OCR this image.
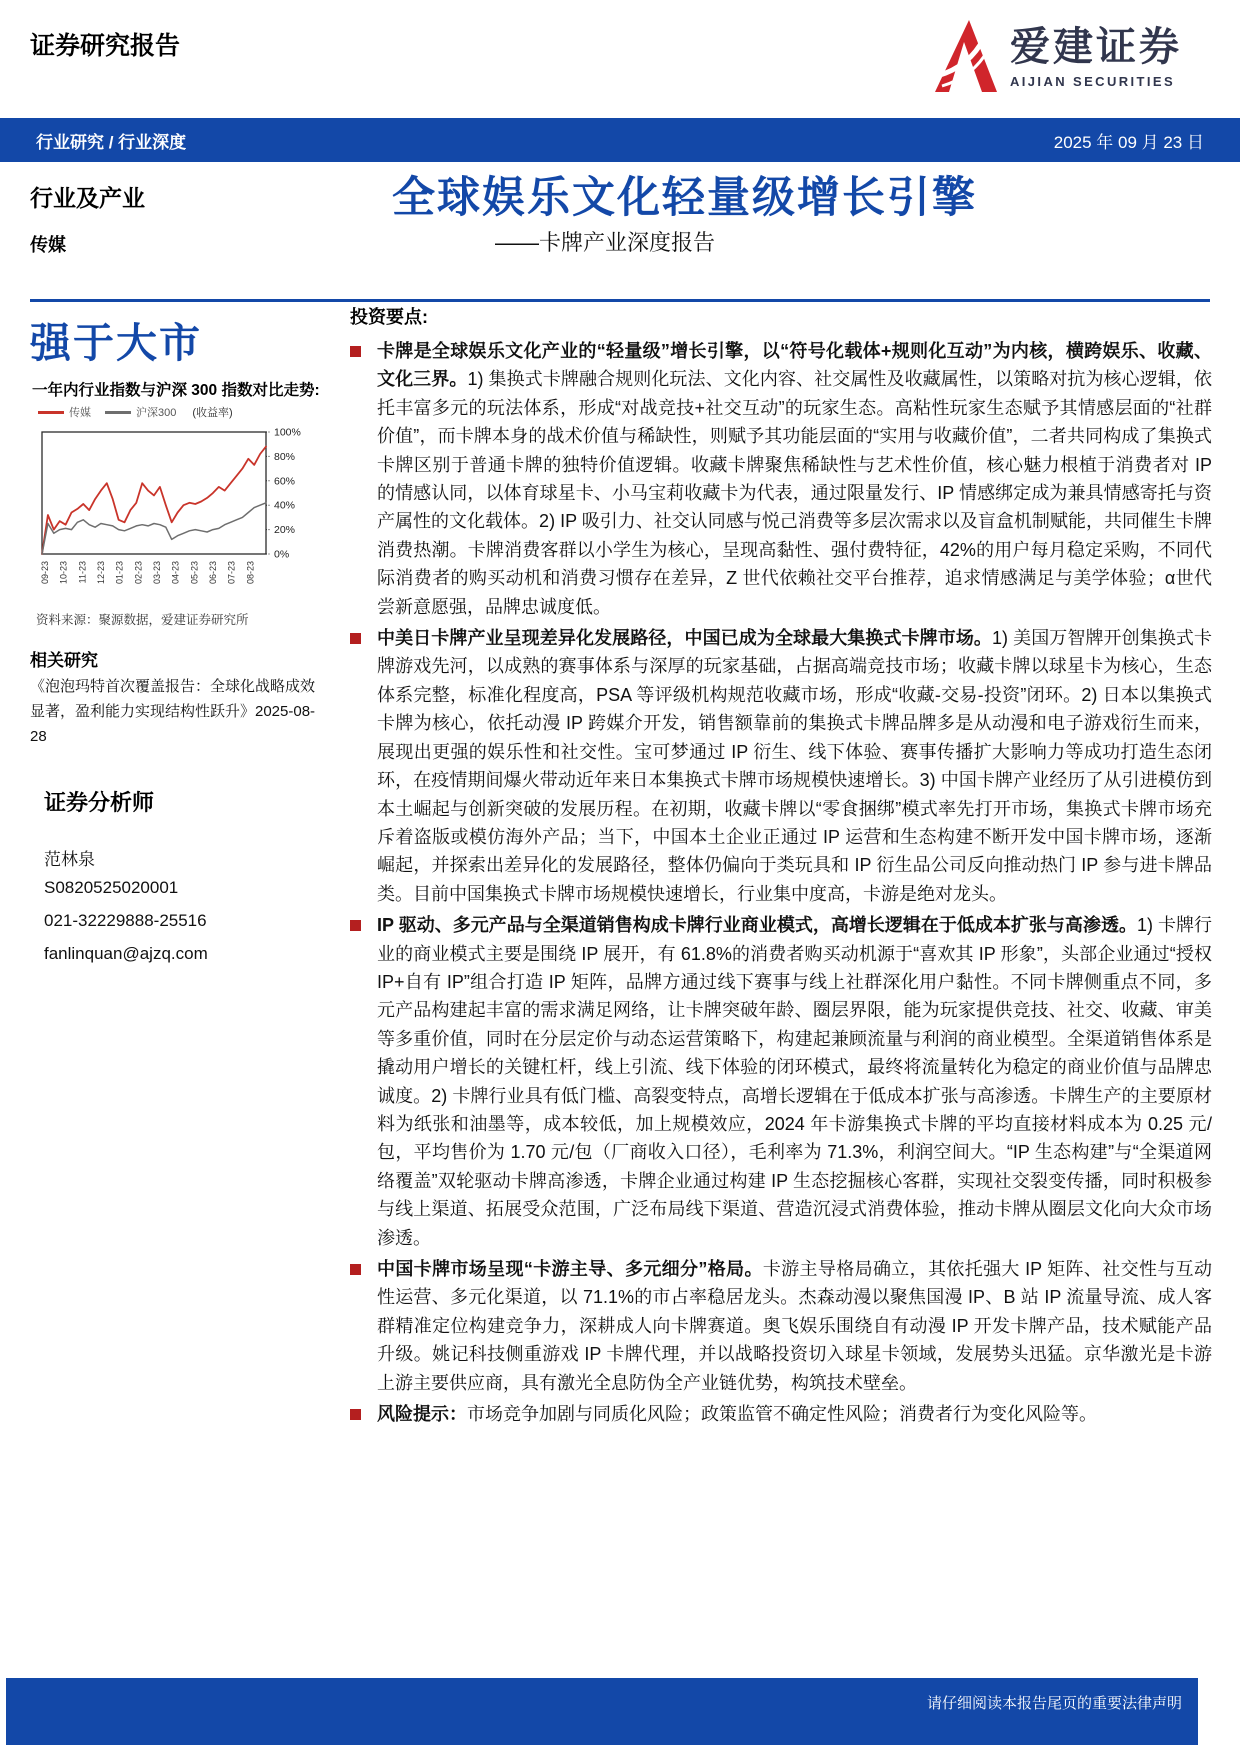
证券研究报告	爱建证券
AIJIAN SECURITIES
行业研究 / 行业深度	2025 年 09 月 23 日
行业及产业
传媒
全球娱乐文化轻量级增长引擎
——卡牌产业深度报告
强于大市
一年内行业指数与沪深 300 指数对比走势:
传媒	沪深300 (收益率)
0%
20%
40%
60%
80%
100%
09-23 10-23 11-23 12-23 01-23 02-23 03-23 04-23 05-23 06-23 07-23 08-23
资料来源：聚源数据，爱建证券研究所
相关研究
《泡泡玛特首次覆盖报告：全球化战略成效显著，盈利能力实现结构性跃升》2025-08-28
证券分析师
范林泉
S0820525020001
021-32229888-25516
fanlinquan@ajzq.com
投资要点:
卡牌是全球娱乐文化产业的“轻量级”增长引擎，以“符号化载体+规则化互动”为内核，横跨娱乐、收藏、文化三界。1) 集换式卡牌融合规则化玩法、文化内容、社交属性及收藏属性，以策略对抗为核心逻辑，依托丰富多元的玩法体系，形成“对战竞技+社交互动”的玩家生态。高粘性玩家生态赋予其情感层面的“社群价值”，而卡牌本身的战术价值与稀缺性，则赋予其功能层面的“实用与收藏价值”，二者共同构成了集换式卡牌区别于普通卡牌的独特价值逻辑。收藏卡牌聚焦稀缺性与艺术性价值，核心魅力根植于消费者对 IP 的情感认同，以体育球星卡、小马宝莉收藏卡为代表，通过限量发行、IP 情感绑定成为兼具情感寄托与资产属性的文化载体。2) IP 吸引力、社交认同感与悦己消费等多层次需求以及盲盒机制赋能，共同催生卡牌消费热潮。卡牌消费客群以小学生为核心，呈现高黏性、强付费特征，42%的用户每月稳定采购，不同代际消费者的购买动机和消费习惯存在差异，Z 世代依赖社交平台推荐，追求情感满足与美学体验；α世代尝新意愿强，品牌忠诚度低。
中美日卡牌产业呈现差异化发展路径，中国已成为全球最大集换式卡牌市场。1) 美国万智牌开创集换式卡牌游戏先河，以成熟的赛事体系与深厚的玩家基础，占据高端竞技市场；收藏卡牌以球星卡为核心，生态体系完整，标准化程度高，PSA 等评级机构规范收藏市场，形成“收藏-交易-投资”闭环。2) 日本以集换式卡牌为核心，依托动漫 IP 跨媒介开发，销售额靠前的集换式卡牌品牌多是从动漫和电子游戏衍生而来，展现出更强的娱乐性和社交性。宝可梦通过 IP 衍生、线下体验、赛事传播扩大影响力等成功打造生态闭环，在疫情期间爆火带动近年来日本集换式卡牌市场规模快速增长。3) 中国卡牌产业经历了从引进模仿到本土崛起与创新突破的发展历程。在初期，收藏卡牌以“零食捆绑”模式率先打开市场，集换式卡牌市场充斥着盗版或模仿海外产品；当下，中国本土企业正通过 IP 运营和生态构建不断开发中国卡牌市场，逐渐崛起，并探索出差异化的发展路径，整体仍偏向于类玩具和 IP 衍生品公司反向推动热门 IP 参与进卡牌品类。目前中国集换式卡牌市场规模快速增长，行业集中度高，卡游是绝对龙头。
IP 驱动、多元产品与全渠道销售构成卡牌行业商业模式，高增长逻辑在于低成本扩张与高渗透。1) 卡牌行业的商业模式主要是围绕 IP 展开，有 61.8%的消费者购买动机源于“喜欢其 IP 形象”，头部企业通过“授权 IP+自有 IP”组合打造 IP 矩阵，品牌方通过线下赛事与线上社群深化用户黏性。不同卡牌侧重点不同，多元产品构建起丰富的需求满足网络，让卡牌突破年龄、圈层界限，能为玩家提供竞技、社交、收藏、审美等多重价值，同时在分层定价与动态运营策略下，构建起兼顾流量与利润的商业模型。全渠道销售体系是撬动用户增长的关键杠杆，线上引流、线下体验的闭环模式，最终将流量转化为稳定的商业价值与品牌忠诚度。2) 卡牌行业具有低门槛、高裂变特点，高增长逻辑在于低成本扩张与高渗透。卡牌生产的主要原材料为纸张和油墨等，成本较低，加上规模效应，2024 年卡游集换式卡牌的平均直接材料成本为 0.25 元/包，平均售价为 1.70 元/包（厂商收入口径），毛利率为 71.3%，利润空间大。“IP 生态构建”与“全渠道网络覆盖”双轮驱动卡牌高渗透，卡牌企业通过构建 IP 生态挖掘核心客群，实现社交裂变传播，同时积极参与线上渠道、拓展受众范围，广泛布局线下渠道、营造沉浸式消费体验，推动卡牌从圈层文化向大众市场渗透。
中国卡牌市场呈现“卡游主导、多元细分”格局。卡游主导格局确立，其依托强大 IP 矩阵、社交性与互动性运营、多元化渠道，以 71.1%的市占率稳居龙头。杰森动漫以聚焦国漫 IP、B 站 IP 流量导流、成人客群精准定位构建竞争力，深耕成人向卡牌赛道。奥飞娱乐围绕自有动漫 IP 开发卡牌产品，技术赋能产品升级。姚记科技侧重游戏 IP 卡牌代理，并以战略投资切入球星卡领域，发展势头迅猛。京华激光是卡游上游主要供应商，具有激光全息防伪全产业链优势，构筑技术壁垒。
风险提示：市场竞争加剧与同质化风险；政策监管不确定性风险；消费者行为变化风险等。
请仔细阅读本报告尾页的重要法律声明
